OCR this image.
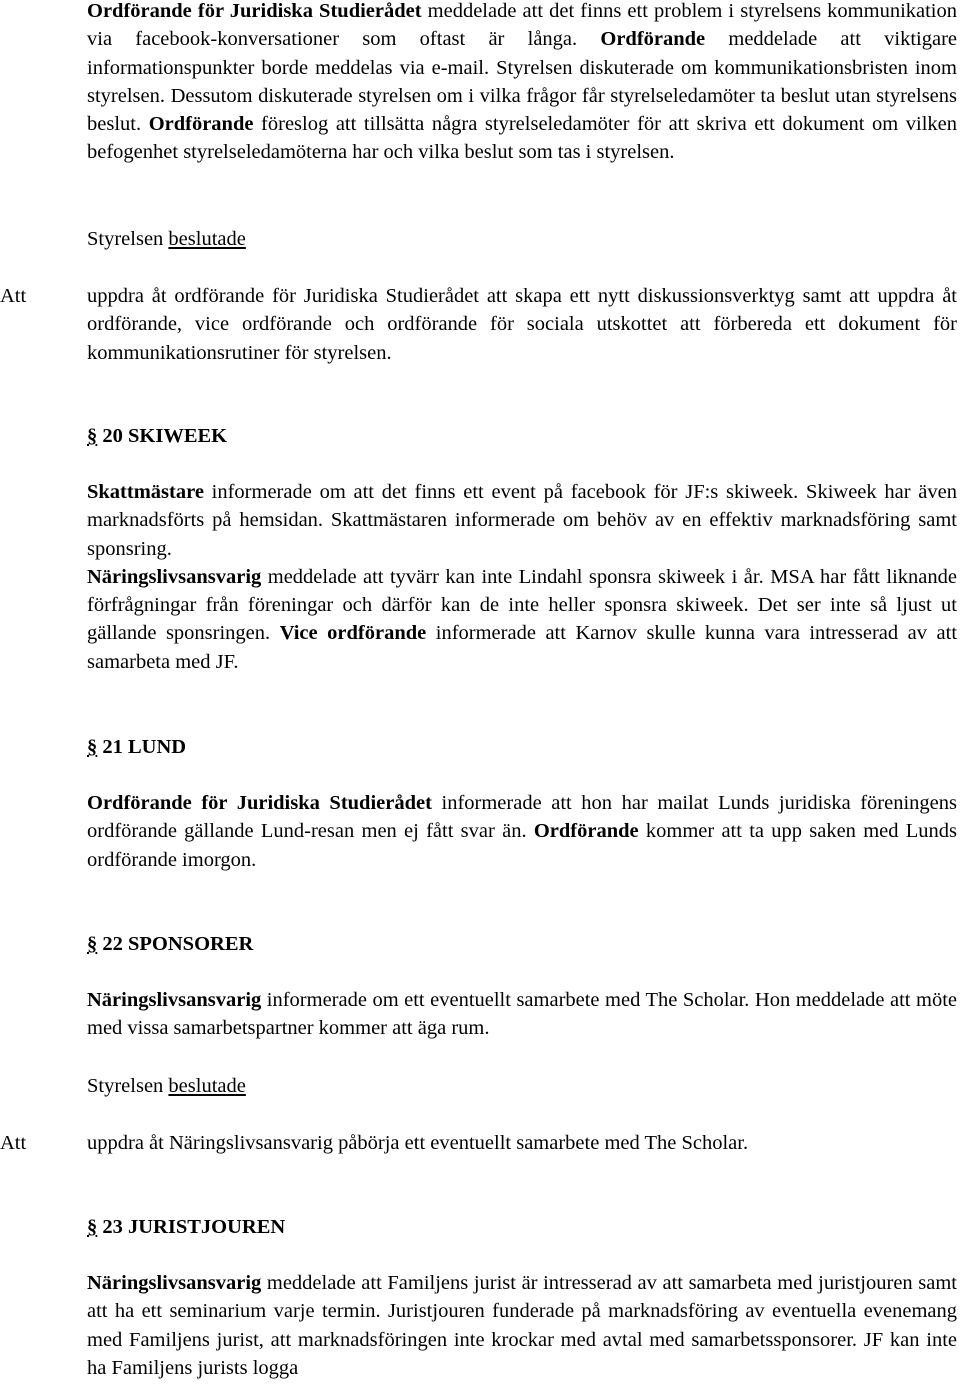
Ordförande för Juridiska Studierådet meddelade att det finns ett problem i styrelsens kommunikation via facebook-konversationer som oftast är långa. Ordförande meddelade att viktigare informationspunkter borde meddelas via e-mail. Styrelsen diskuterade om kommunikationsbristen inom styrelsen. Dessutom diskuterade styrelsen om i vilka frågor får styrelseledamöter ta beslut utan styrelsens beslut. Ordförande föreslog att tillsätta några styrelseledamöter för att skriva ett dokument om vilken befogenhet styrelseledamöterna har och vilka beslut som tas i styrelsen.

Styrelsen beslutade
Att	uppdra åt ordförande för Juridiska Studierådet att skapa ett nytt diskussionsverktyg samt att uppdra åt ordförande, vice ordförande och ordförande för sociala utskottet att förbereda ett dokument för kommunikationsrutiner för styrelsen.

§ 20 SKIWEEK

Skattmästare informerade om att det finns ett event på facebook för JF:s skiweek. Skiweek har även marknadsförts på hemsidan. Skattmästaren informerade om behöv av en effektiv marknadsföring samt sponsring.
Näringslivsansvarig meddelade att tyvärr kan inte Lindahl sponsra skiweek i år. MSA har fått liknande förfrågningar från föreningar och därför kan de inte heller sponsra skiweek. Det ser inte så ljust ut gällande sponsringen. Vice ordförande informerade att Karnov skulle kunna vara intresserad av att samarbeta med JF.

§ 21 LUND

Ordförande för Juridiska Studierådet informerade att hon har mailat Lunds juridiska föreningens ordförande gällande Lund-resan men ej fått svar än. Ordförande kommer att ta upp saken med Lunds ordförande imorgon.

§ 22 SPONSORER

Näringslivsansvarig informerade om ett eventuellt samarbete med The Scholar. Hon meddelade att möte med vissa samarbetspartner kommer att äga rum.

Styrelsen beslutade
Att	uppdra åt Näringslivsansvarig påbörja ett eventuellt samarbete med The Scholar.

§ 23 JURISTJOUREN

Näringslivsansvarig meddelade att Familjens jurist är intresserad av att samarbeta med juristjouren samt att ha ett seminarium varje termin. Juristjouren funderade på marknadsföring av eventuella evenemang med Familjens jurist, att marknadsföringen inte krockar med avtal med samarbetssponsorer. JF kan inte ha Familjens jurists logga
